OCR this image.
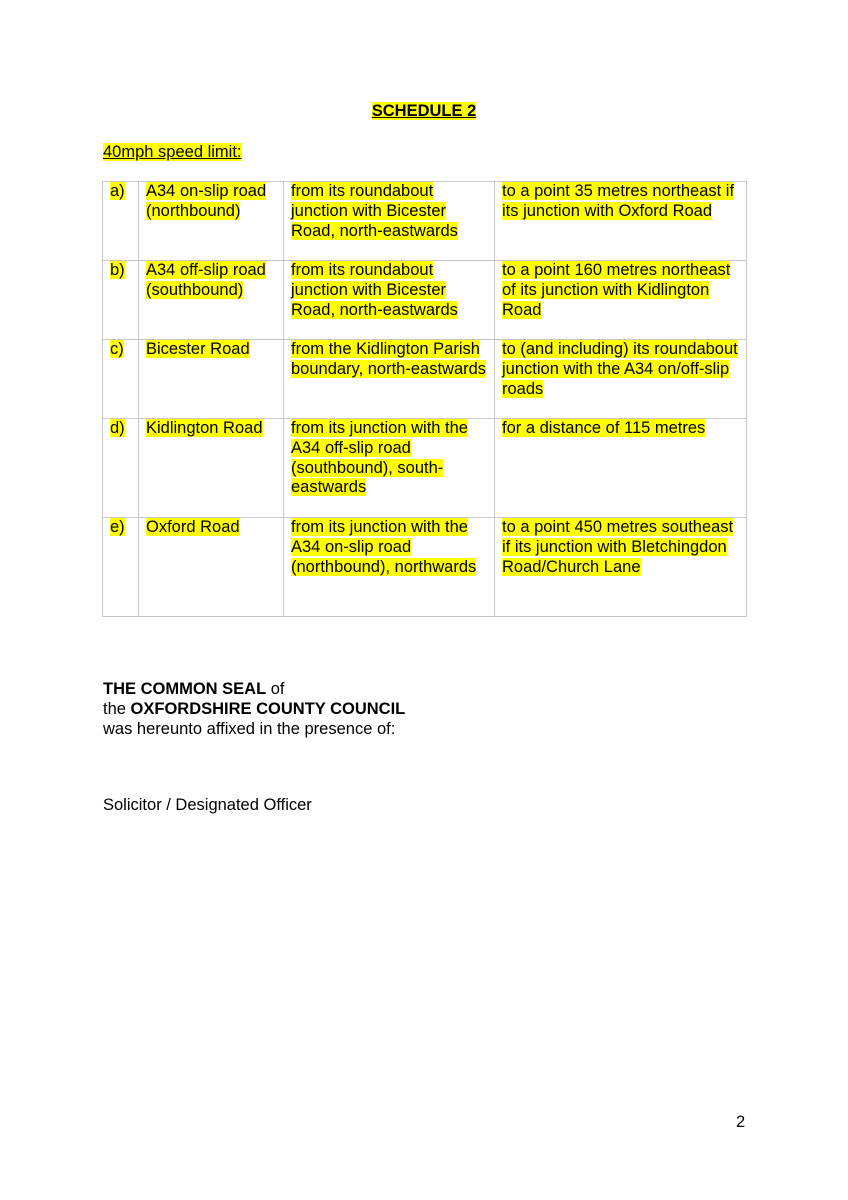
SCHEDULE 2
40mph speed limit:
a)	A34 on-slip road (northbound)	from its roundabout junction with Bicester Road, north-eastwards	to a point 35 metres northeast if its junction with Oxford Road
b)	A34 off-slip road (southbound)	from its roundabout junction with Bicester Road, north-eastwards	to a point 160 metres northeast of its junction with Kidlington Road
c)	Bicester Road	from the Kidlington Parish boundary, north-eastwards	to (and including) its roundabout junction with the A34 on/off-slip roads
d)	Kidlington Road	from its junction with the A34 off-slip road (southbound), south-eastwards	for a distance of 115 metres
e)	Oxford Road	from its junction with the A34 on-slip road (northbound), northwards	to a point 450 metres southeast if its junction with Bletchingdon Road/Church Lane
THE COMMON SEAL of
the OXFORDSHIRE COUNTY COUNCIL
was hereunto affixed in the presence of:
Solicitor / Designated Officer
2
